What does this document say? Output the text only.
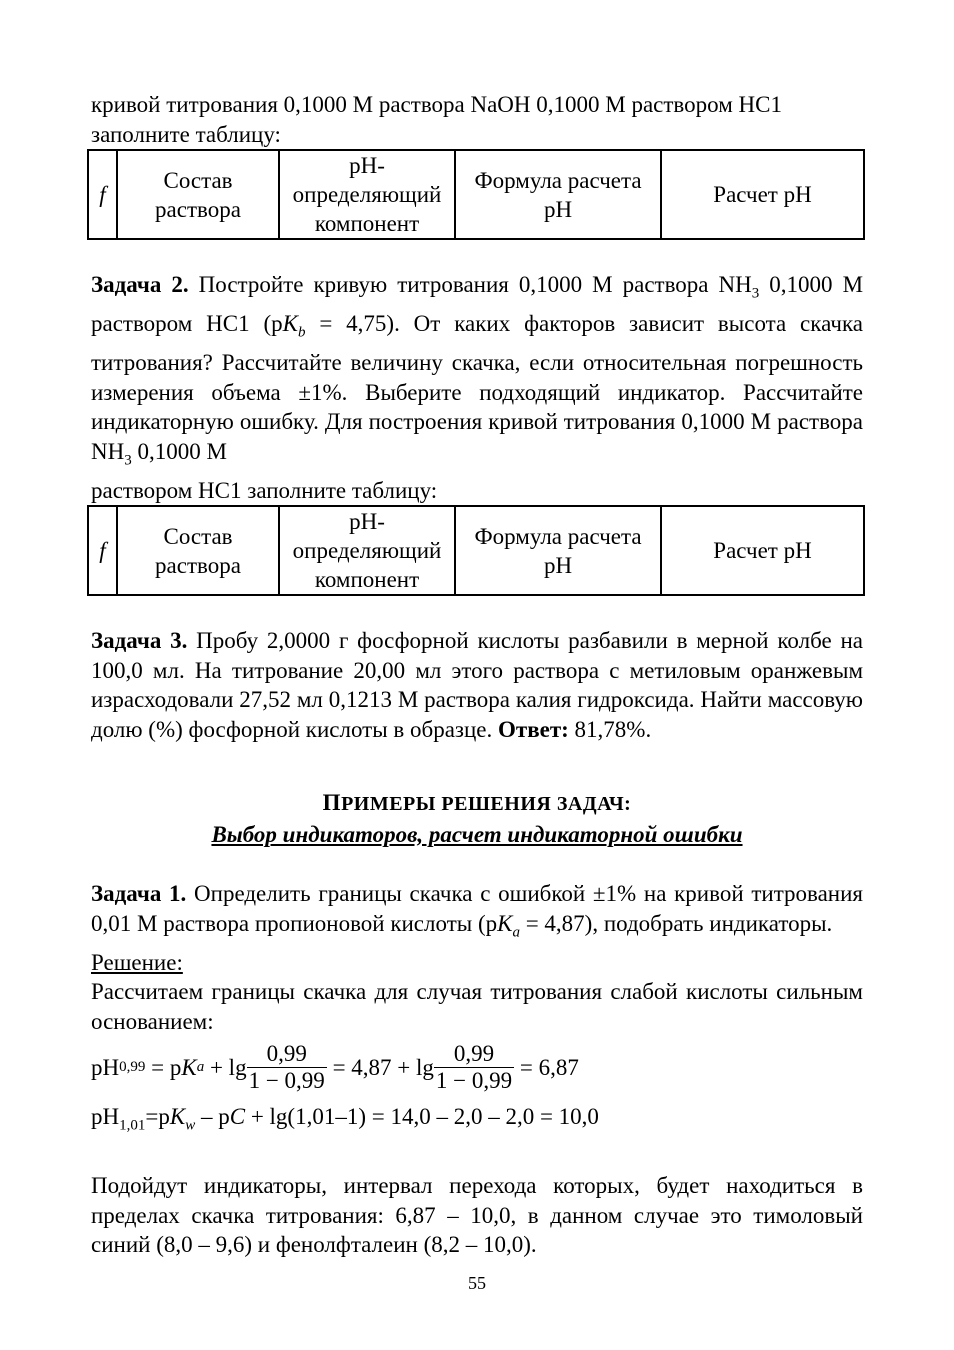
кривой титрования 0,1000 М раствора NaOH 0,1000 М раствором HC1

заполните таблицу:

f	Состав раствора	pH-определяющий компонент	Формула расчета рН	Расчет рН

Задача 2. Постройте кривую титрования 0,1000 М раствора $NH_3$ 0,1000 М раствором HC1 $(pK_b = 4,75)$. От каких факторов зависит высота скачка титрования? Рассчитайте величину скачка, если относительная погрешность измерения объема ±1%. Выберите подходящий индикатор. Рассчитайте индикаторную ошибку. Для построения кривой титрования 0,1000 М раствора $NH_3$ 0,1000 М

раствором HC1 заполните таблицу:

f	Состав раствора	pH-определяющий компонент	Формула расчета рН	Расчет рН

Задача 3. Пробу 2,0000 г фосфорной кислоты разбавили в мерной колбе на 100,0 мл. На титрование 20,00 мл этого раствора с метиловым оранжевым израсходовали 27,52 мл 0,1213 М раствора калия гидроксида. Найти массовую долю (%) фосфорной кислоты в образце. Ответ: 81,78%.

ПРИМЕРЫ РЕШЕНИЯ ЗАДАЧ:

Выбор индикаторов, расчет индикаторной ошибки

Задача 1. Определить границы скачка с ошибкой ±1% на кривой титрования 0,01 М раствора пропионовой кислоты $(pK_a = 4,87)$, подобрать индикаторы.

Решение:

Рассчитаем границы скачка для случая титрования слабой кислоты сильным основанием:

pH 0,99 = p K $a + \lg \frac{0,99}{1 - 0,99} = 4,87 + \lg \frac{0,99}{1 - 0,99} = 6,87$

$pH_{1,01}=pK_w$ – pC + lg(1,01–1) = 14,0 – 2,0 – 2,0 = 10,0

Подойдут индикаторы, интервал перехода которых, будет находиться в пределах скачка титрования: 6,87 – 10,0, в данном случае это тимоловый синий (8,0 – 9,6) и фенолфталеин (8,2 – 10,0).

55
